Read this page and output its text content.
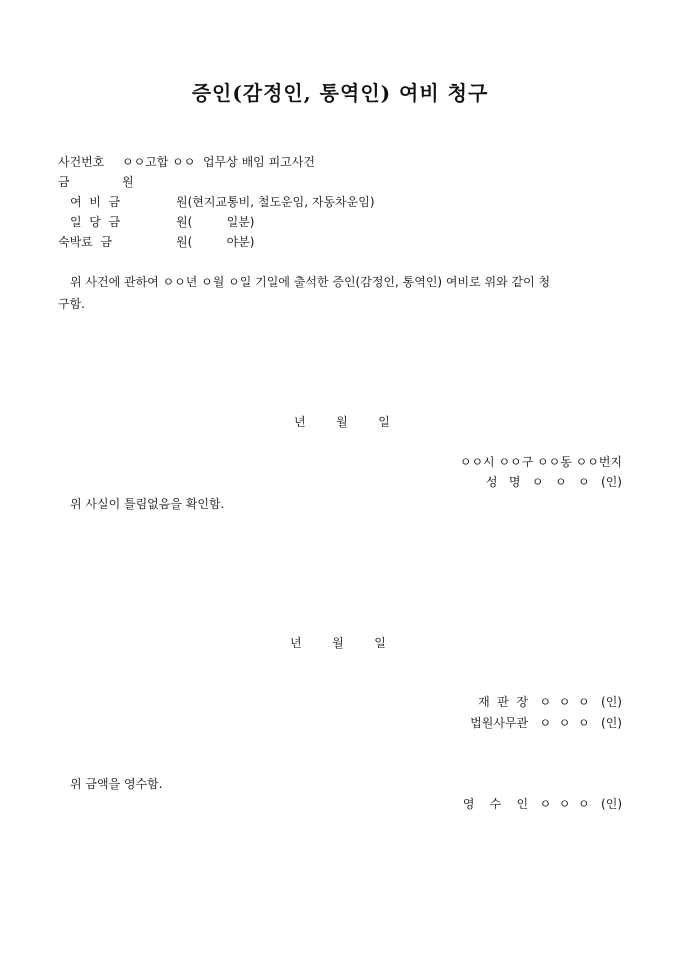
증인(감정인, 통역인) 여비 청구
사건번호 ㅇㅇ고합 ㅇㅇ  업무상 배임 피고사건
금	원
여  비  금	원(현지교통비, 철도운임, 자동차운임)
일  당  금	원(         일분)
숙박료  금	원(         야분)
위 사건에 관하여 ㅇㅇ년 ㅇ월 ㅇ일 기일에 출석한 증인(감정인, 통역인) 여비로 위와 같이 청
구함.
년        월        일
ㅇㅇ시 ㅇㅇ구 ㅇㅇ동 ㅇㅇ번지
성   명   ㅇ   ㅇ   ㅇ   (인)
위 사실이 틀림없음을 확인함.
년        월        일
재  판  장   ㅇ  ㅇ  ㅇ   (인)
법원사무관   ㅇ  ㅇ  ㅇ   (인)
위 금액을 영수함.
영    수    인   ㅇ  ㅇ  ㅇ   (인)
